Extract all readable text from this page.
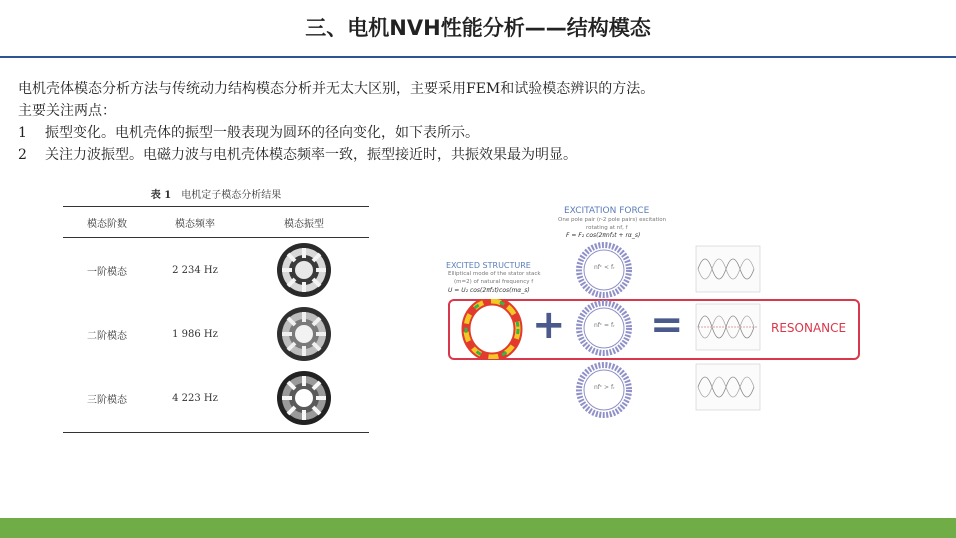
三、电机NVH性能分析——结构模态
电机壳体模态分析方法与传统动力结构模态分析并无太大区别，主要采用FEM和试验模态辨识的方法。
主要关注两点：
1 振型变化。电机壳体的振型一般表现为圆环的径向变化，如下表所示。
2 关注力波振型。电磁力波与电机壳体模态频率一致，振型接近时，共振效果最为明显。
表 1 电机定子模态分析结果
模态阶数	模态频率	模态振型
一阶模态	2 234 Hz
二阶模态	1 986 Hz
三阶模态	4 223 Hz
EXCITATION FORCE
One pole pair (r-2 pole pairs) excitation
rotating at nf, f
F = F₂ cos(2πnf₂t + rα_s)
EXCITED STRUCTURE
Elliptical mode of the stator stack
(m=2) of natural frequency f
U = U₂ cos(2πf₂t)cos(mα_s)
+ =
nfᶜ < fᵣ
nfᶜ = fᵣ
nfᶜ > fᵣ
RESONANCE
